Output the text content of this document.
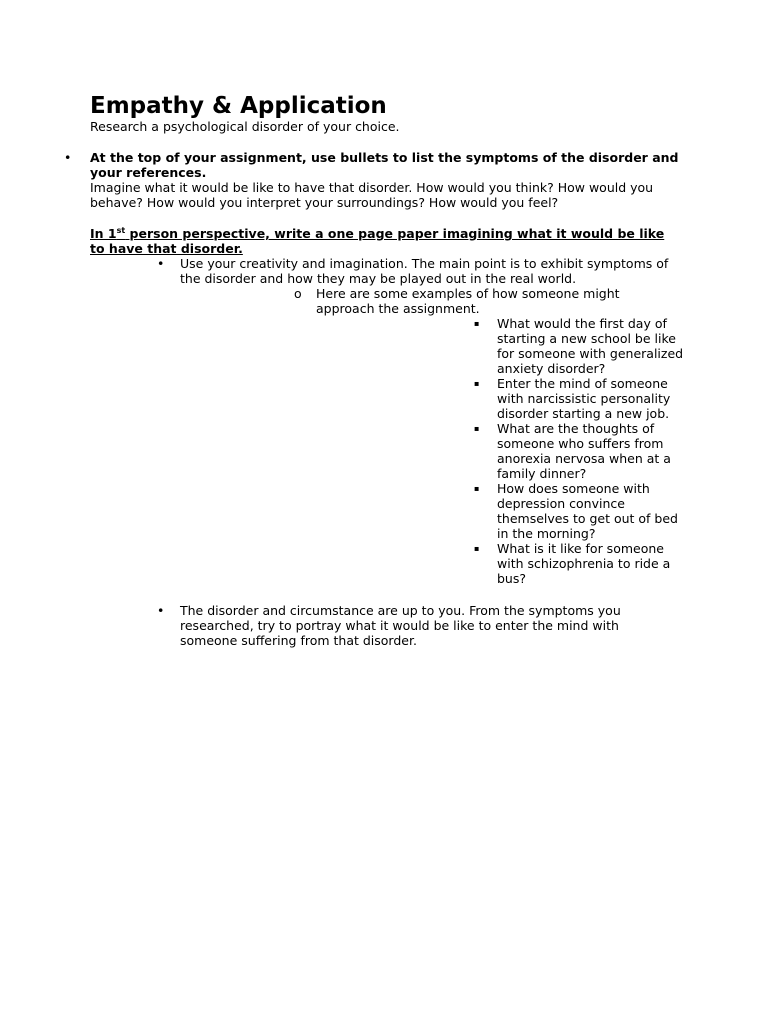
Empathy & Application

Research a psychological disorder of your choice.

• At the top of your assignment, use bullets to list the symptoms of the disorder and your references.

Imagine what it would be like to have that disorder. How would you think? How would you behave? How would you interpret your surroundings? How would you feel?

In 1st person perspective, write a one page paper imagining what it would be like to have that disorder.

• Use your creativity and imagination. The main point is to exhibit symptoms of the disorder and how they may be played out in the real world.

o Here are some examples of how someone might approach the assignment.

▪ What would the first day of starting a new school be like for someone with generalized anxiety disorder?
▪ Enter the mind of someone with narcissistic personality disorder starting a new job.
▪ What are the thoughts of someone who suffers from anorexia nervosa when at a family dinner?
▪ How does someone with depression convince themselves to get out of bed in the morning?
▪ What is it like for someone with schizophrenia to ride a bus?
• The disorder and circumstance are up to you. From the symptoms you researched, try to portray what it would be like to enter the mind with someone suffering from that disorder.
